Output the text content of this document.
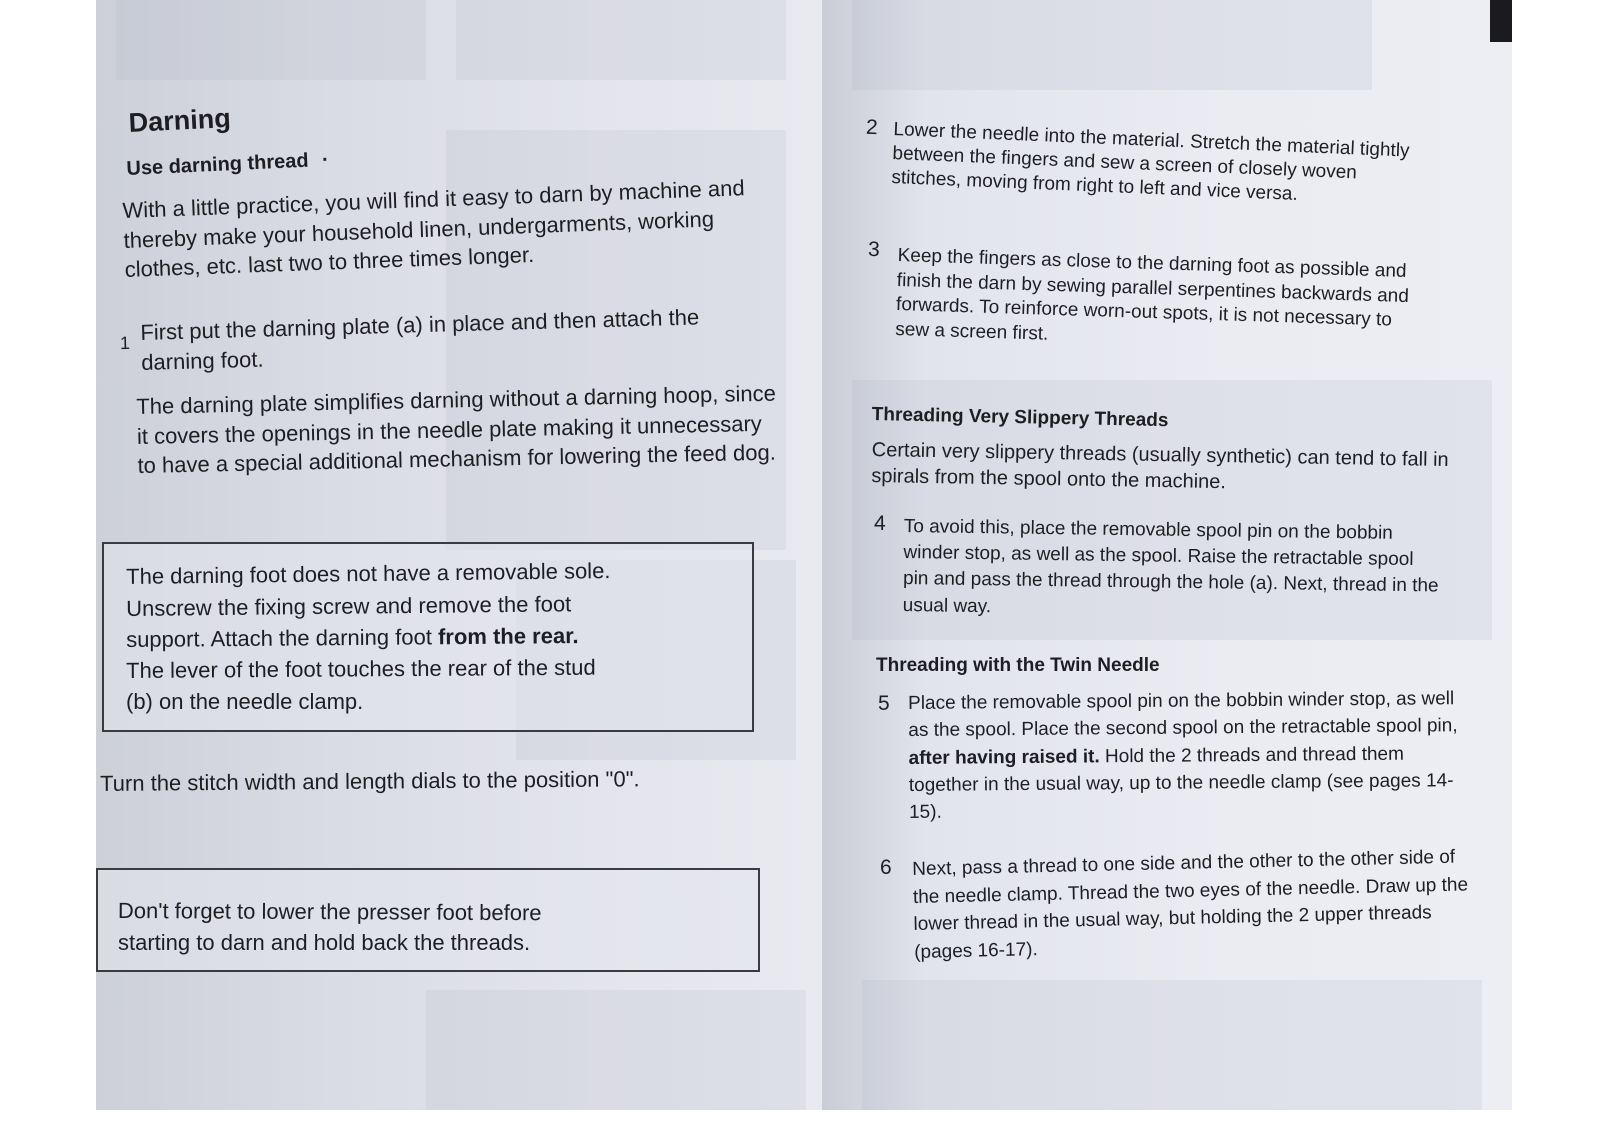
Darning
Use darning thread ·

With a little practice, you will find it easy to darn by machine and thereby make your household linen, undergarments, working clothes, etc. last two to three times longer.

1 First put the darning plate (a) in place and then attach the darning foot.

The darning plate simplifies darning without a darning hoop, since it covers the openings in the needle plate making it unnecessary to have a special additional mechanism for lowering the feed dog.

The darning foot does not have a removable sole.

Unscrew the fixing screw and remove the foot

support. Attach the darning foot from the rear.

The lever of the foot touches the rear of the stud

(b) on the needle clamp.

Turn the stitch width and length dials to the position "0".

Don't forget to lower the presser foot before

starting to darn and hold back the threads.

2 Lower the needle into the material. Stretch the material tightly between the fingers and sew a screen of closely woven stitches, moving from right to left and vice versa.

3 Keep the fingers as close to the darning foot as possible and finish the darn by sewing parallel serpentines backwards and forwards. To reinforce worn-out spots, it is not necessary to sew a screen first.

Threading Very Slippery Threads

Certain very slippery threads (usually synthetic) can tend to fall in spirals from the spool onto the machine.

4 To avoid this, place the removable spool pin on the bobbin winder stop, as well as the spool. Raise the retractable spool pin and pass the thread through the hole (a). Next, thread in the usual way.

Threading with the Twin Needle
5 Place the removable spool pin on the bobbin winder stop, as well as the spool. Place the second spool on the retractable spool pin, after having raised it. Hold the 2 threads and thread them together in the usual way, up to the needle clamp (see pages 14-15).

6 Next, pass a thread to one side and the other to the other side of the needle clamp. Thread the two eyes of the needle. Draw up the lower thread in the usual way, but holding the 2 upper threads (pages 16-17).
